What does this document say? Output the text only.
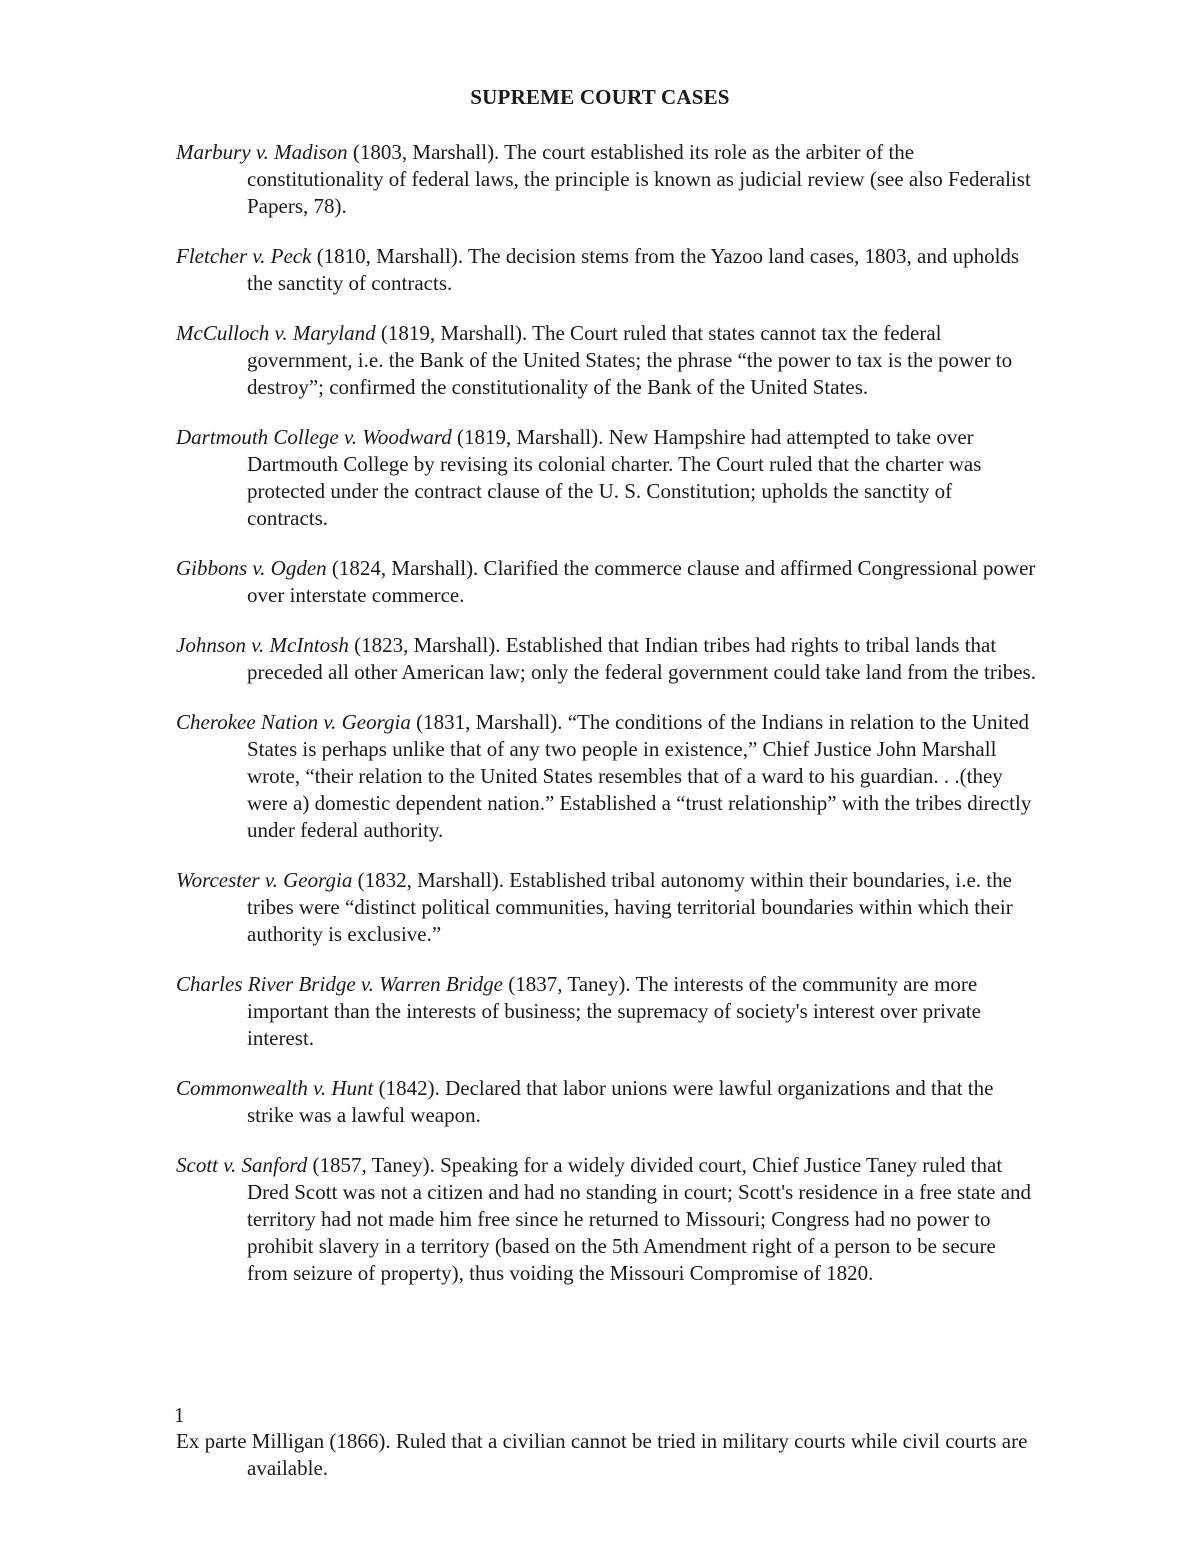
SUPREME COURT CASES

Marbury v. Madison (1803, Marshall). The court established its role as the arbiter of the constitutionality of federal laws, the principle is known as judicial review (see also Federalist Papers, 78).

Fletcher v. Peck (1810, Marshall). The decision stems from the Yazoo land cases, 1803, and upholds the sanctity of contracts.

McCulloch v. Maryland (1819, Marshall). The Court ruled that states cannot tax the federal government, i.e. the Bank of the United States; the phrase “the power to tax is the power to destroy”; confirmed the constitutionality of the Bank of the United States.

Dartmouth College v. Woodward (1819, Marshall). New Hampshire had attempted to take over Dartmouth College by revising its colonial charter. The Court ruled that the charter was protected under the contract clause of the U. S. Constitution; upholds the sanctity of contracts.

Gibbons v. Ogden (1824, Marshall). Clarified the commerce clause and affirmed Congressional power over interstate commerce.

Johnson v. McIntosh (1823, Marshall). Established that Indian tribes had rights to tribal lands that preceded all other American law; only the federal government could take land from the tribes.

Cherokee Nation v. Georgia (1831, Marshall). “The conditions of the Indians in relation to the United States is perhaps unlike that of any two people in existence,” Chief Justice John Marshall wrote, “their relation to the United States resembles that of a ward to his guardian. . .(they were a) domestic dependent nation.” Established a “trust relationship” with the tribes directly under federal authority.

Worcester v. Georgia (1832, Marshall). Established tribal autonomy within their boundaries, i.e. the tribes were “distinct political communities, having territorial boundaries within which their authority is exclusive.”

Charles River Bridge v. Warren Bridge (1837, Taney). The interests of the community are more important than the interests of business; the supremacy of society's interest over private interest.

Commonwealth v. Hunt (1842). Declared that labor unions were lawful organizations and that the strike was a lawful weapon.

Scott v. Sanford (1857, Taney). Speaking for a widely divided court, Chief Justice Taney ruled that Dred Scott was not a citizen and had no standing in court; Scott's residence in a free state and territory had not made him free since he returned to Missouri; Congress had no power to prohibit slavery in a territory (based on the 5th Amendment right of a person to be secure from seizure of property), thus voiding the Missouri Compromise of 1820.

1
Ex parte Milligan (1866). Ruled that a civilian cannot be tried in military courts while civil courts are available.
